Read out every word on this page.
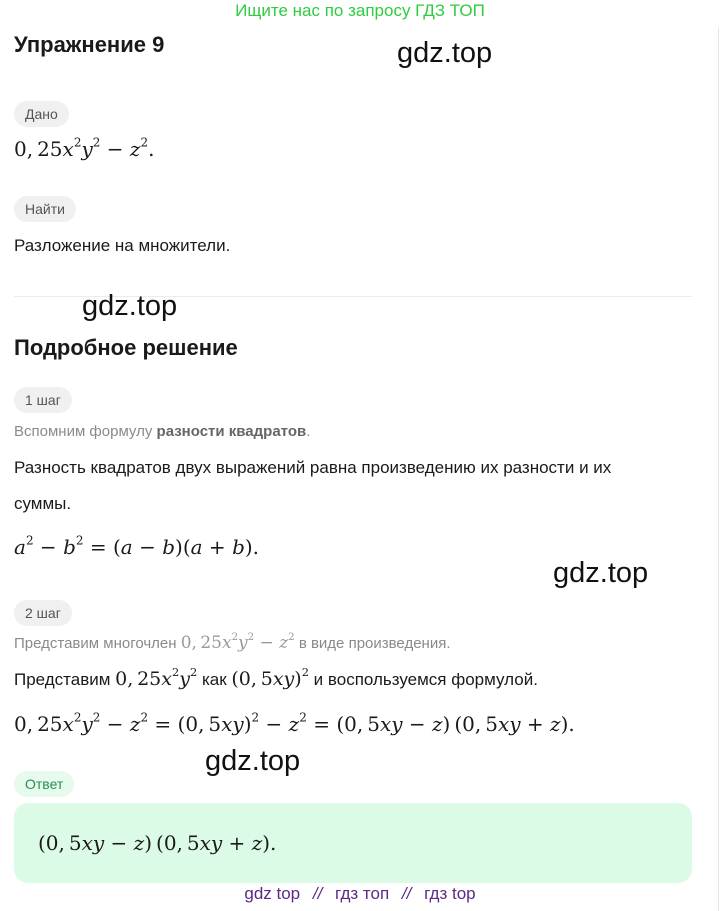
Ищите нас по запросу ГДЗ ТОП
Упражнение 9	gdz.top
Дано
0, $25x^2y^2 - z^2$.
Найти
Разложение на множители.
gdz.top
Подробное решение
1 шаг
Вспомним формулу разности квадратов.
Разность квадратов двух выражений равна произведению их разности и их
суммы.
$a^2 - b^2 = (a - b)(a + b)$.
gdz.top
2 шаг
Представим многочлен 0, $25x^2y^2 - z^2$ в виде произведения.
Представим 0, $25x^2y^2$ как (0, 5xy)$^2$ и воспользуемся формулой.
0, $25x^2y^2 - z^2 = (0$, $5xy)^2 - z^2 = (0$, 5xy − z) (0, 5xy + z).
gdz.top
Ответ
(0, 5xy − z) (0, 5xy + z).
gdz top // гдз топ // гдз top
